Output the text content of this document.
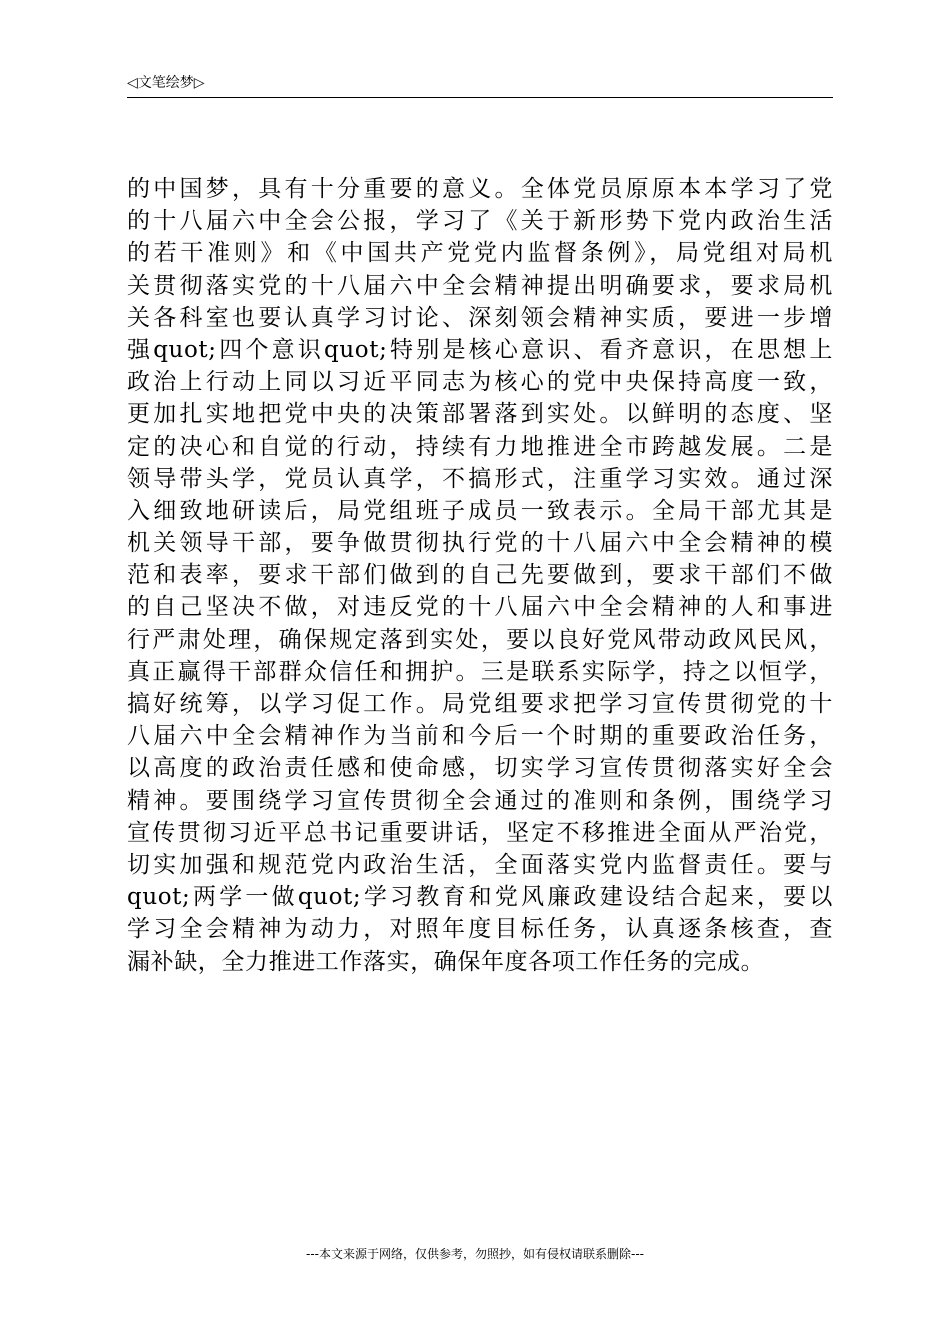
◁文笔绘梦▷
的中国梦，具有十分重要的意义。全体党员原原本本学习了党
的十八届六中全会公报，学习了《关于新形势下党内政治生活
的若干准则》和《中国共产党党内监督条例》，局党组对局机
关贯彻落实党的十八届六中全会精神提出明确要求，要求局机
关各科室也要认真学习讨论、深刻领会精神实质，要进一步增
强quot;四个意识quot;特别是核心意识、看齐意识，在思想上
政治上行动上同以习近平同志为核心的党中央保持高度一致，
更加扎实地把党中央的决策部署落到实处。以鲜明的态度、坚
定的决心和自觉的行动，持续有力地推进全市跨越发展。二是
领导带头学，党员认真学，不搞形式，注重学习实效。通过深
入细致地研读后，局党组班子成员一致表示。全局干部尤其是
机关领导干部，要争做贯彻执行党的十八届六中全会精神的模
范和表率，要求干部们做到的自己先要做到，要求干部们不做
的自己坚决不做，对违反党的十八届六中全会精神的人和事进
行严肃处理，确保规定落到实处，要以良好党风带动政风民风，
真正赢得干部群众信任和拥护。三是联系实际学，持之以恒学，
搞好统筹，以学习促工作。局党组要求把学习宣传贯彻党的十
八届六中全会精神作为当前和今后一个时期的重要政治任务，
以高度的政治责任感和使命感，切实学习宣传贯彻落实好全会
精神。要围绕学习宣传贯彻全会通过的准则和条例，围绕学习
宣传贯彻习近平总书记重要讲话，坚定不移推进全面从严治党，
切实加强和规范党内政治生活，全面落实党内监督责任。要与
quot;两学一做quot;学习教育和党风廉政建设结合起来，要以
学习全会精神为动力，对照年度目标任务，认真逐条核查，查
漏补缺，全力推进工作落实，确保年度各项工作任务的完成。
---本文来源于网络，仅供参考，勿照抄，如有侵权请联系删除---
